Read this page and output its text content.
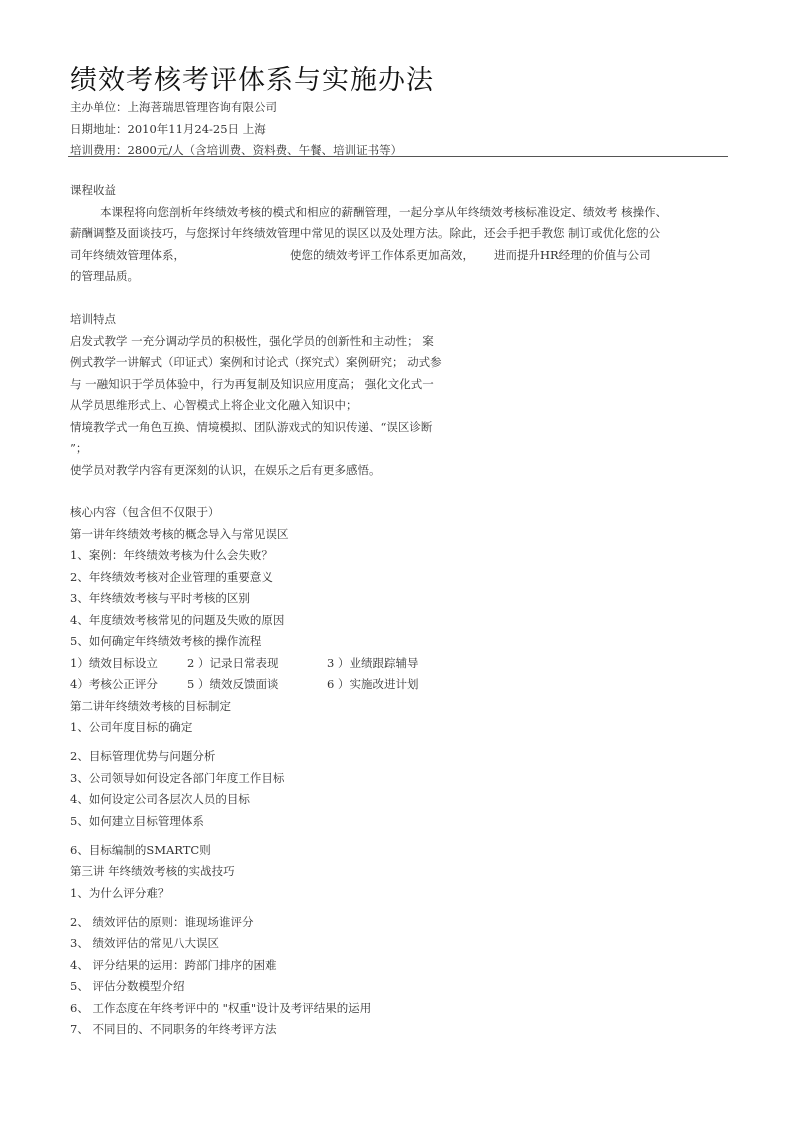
绩效考核考评体系与实施办法
主办单位：上海菩瑞思管理咨询有限公司
日期地址：2010年11月24-25日 上海
培训费用：2800元/人（含培训费、资料费、午餐、培训证书等）
课程收益
本课程将向您剖析年终绩效考核的模式和相应的薪酬管理，一起分享从年终绩效考核标准设定、绩效考 核操作、
薪酬调整及面谈技巧，与您探讨年终绩效管理中常见的误区以及处理方法。除此，还会手把手教您 制订或优化您的公
司年终绩效管理体系，	使您的绩效考评工作体系更加高效， 进而提升HR经理的价值与公司
的管理品质。
培训特点
启发式教学 一充分调动学员的积极性，强化学员的创新性和主动性； 案
例式教学一讲解式（印证式）案例和讨论式（探究式）案例研究； 动式参
与 一融知识于学员体验中，行为再复制及知识应用度高； 强化文化式一
从学员思维形式上、心智模式上将企业文化融入知识中；
情境教学式一角色互换、情境模拟、团队游戏式的知识传递、“误区诊断
”；
使学员对教学内容有更深刻的认识，在娱乐之后有更多感悟。
核心内容（包含但不仅限于）
第一讲年终绩效考核的概念导入与常见误区
1、案例：年终绩效考核为什么会失败？
2、年终绩效考核对企业管理的重要意义
3、年终绩效考核与平时考核的区别
4、年度绩效考核常见的问题及失败的原因
5、如何确定年终绩效考核的操作流程
1）绩效目标设立	2 ）记录日常表现	3 ）业绩跟踪辅导
4）考核公正评分	5 ）绩效反馈面谈	6 ）实施改进计划
第二讲年终绩效考核的目标制定
1、公司年度目标的确定
2、目标管理优势与问题分析
3、公司领导如何设定各部门年度工作目标
4、如何设定公司各层次人员的目标
5、如何建立目标管理体系
6、目标编制的SMARTC则
第三讲 年终绩效考核的实战技巧
1、为什么评分难？
2、 绩效评估的原则：谁现场谁评分
3、 绩效评估的常见八大误区
4、 评分结果的运用：跨部门排序的困难
5、 评估分数模型介绍
6、 工作态度在年终考评中的 "权重"设计及考评结果的运用
7、 不同目的、不同职务的年终考评方法
